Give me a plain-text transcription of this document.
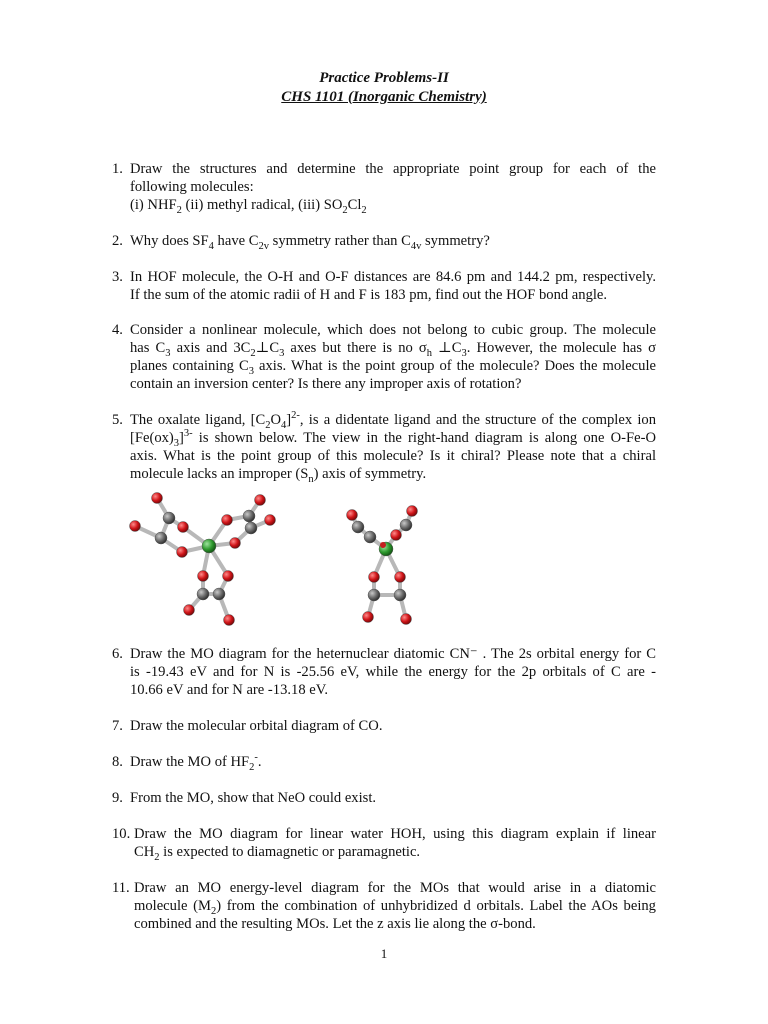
Practice Problems-II
CHS 1101 (Inorganic Chemistry)
1. Draw the structures and determine the appropriate point group for each of the
following molecules:
(i) $NHF_2$ (ii) methyl radical, (iii) $SO_2Cl_2$
2. Why does $SF_4$ have $C_{2v}$ symmetry rather than $C_{4v}$ symmetry?
3. In HOF molecule, the O-H and O-F distances are 84.6 pm and 144.2 pm, respectively.
If the sum of the atomic radii of H and F is 183 pm, find out the HOF bond angle.
4. Consider a nonlinear molecule, which does not belong to cubic group. The molecule
has $C_3$ axis and $3C_2\perp C_3$ axes but there is no $\sigma_h$ $\perp C_3$. However, the molecule has σ
planes containing $C_3$ axis. What is the point group of the molecule? Does the molecule
contain an inversion center? Is there any improper axis of rotation?
5. The oxalate ligand, $[C_2O_4]^{2-}$, is a didentate ligand and the structure of the complex ion
$[Fe(ox)_3]^{3-}$ is shown below. The view in the right-hand diagram is along one O-Fe-O
axis. What is the point group of this molecule? Is it chiral? Please note that a chiral
molecule lacks an improper $(S_n)$ axis of symmetry.
6. Draw the MO diagram for the heternuclear diatomic CN⁻ . The 2s orbital energy for C
is -19.43 eV and for N is -25.56 eV, while the energy for the 2p orbitals of C are -
10.66 eV and for N are -13.18 eV.
7. Draw the molecular orbital diagram of CO.
8. Draw the MO of $HF_2^-$.
9. From the MO, show that NeO could exist.
10. Draw the MO diagram for linear water HOH, using this diagram explain if linear
$CH_2$ is expected to diamagnetic or paramagnetic.
11. Draw an MO energy-level diagram for the MOs that would arise in a diatomic
molecule $(M_2)$ from the combination of unhybridized d orbitals. Label the AOs being
combined and the resulting MOs. Let the z axis lie along the σ-bond.
1
